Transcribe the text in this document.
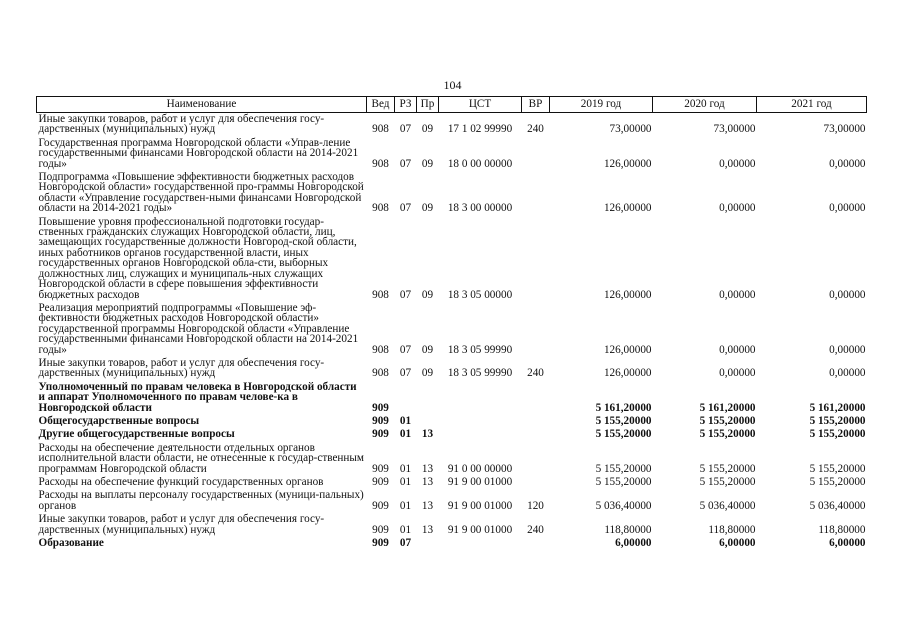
104
Наименование	Вед	РЗ	Пр	ЦСТ	ВР	2019 год	2020 год	2021 год
Иные закупки товаров, работ и услуг для обеспечения госу-дарственных (муниципальных) нужд	908	07	09	17 1 02 99990	240	73,00000	73,00000	73,00000
Государственная программа Новгородской области «Управ-ление государственными финансами Новгородской области на 2014-2021 годы»	908	07	09	18 0 00 00000		126,00000	0,00000	0,00000
Подпрограмма «Повышение эффективности бюджетных расходов Новгородской области» государственной про-граммы Новгородской области «Управление государствен-ными финансами Новгородской области на 2014-2021 годы»	908	07	09	18 3 00 00000		126,00000	0,00000	0,00000
Повышение уровня профессиональной подготовки государ-ственных гражданских служащих Новгородской области, лиц, замещающих государственные должности Новгород-ской области, иных работников органов государственной власти, иных государственных органов Новгородской обла-сти, выборных должностных лиц, служащих и муниципаль-ных служащих Новгородской области в сфере повышения эффективности бюджетных расходов	908	07	09	18 3 05 00000		126,00000	0,00000	0,00000
Реализация мероприятий подпрограммы «Повышение эф-фективности бюджетных расходов Новгородской области» государственной программы Новгородской области «Управление государственными финансами Новгородской области на 2014-2021 годы»	908	07	09	18 3 05 99990		126,00000	0,00000	0,00000
Иные закупки товаров, работ и услуг для обеспечения госу-дарственных (муниципальных) нужд	908	07	09	18 3 05 99990	240	126,00000	0,00000	0,00000
Уполномоченный по правам человека в Новгородской области и аппарат Уполномоченного по правам челове-ка в Новгородской области	909					5 161,20000	5 161,20000	5 161,20000
Общегосударственные вопросы	909	01				5 155,20000	5 155,20000	5 155,20000
Другие общегосударственные вопросы	909	01	13			5 155,20000	5 155,20000	5 155,20000
Расходы на обеспечение деятельности отдельных органов исполнительной власти области, не отнесенные к государ-ственным программам Новгородской области	909	01	13	91 0 00 00000		5 155,20000	5 155,20000	5 155,20000
Расходы на обеспечение функций государственных органов	909	01	13	91 9 00 01000		5 155,20000	5 155,20000	5 155,20000
Расходы на выплаты персоналу государственных (муници-пальных) органов	909	01	13	91 9 00 01000	120	5 036,40000	5 036,40000	5 036,40000
Иные закупки товаров, работ и услуг для обеспечения госу-дарственных (муниципальных) нужд	909	01	13	91 9 00 01000	240	118,80000	118,80000	118,80000
Образование	909	07				6,00000	6,00000	6,00000
